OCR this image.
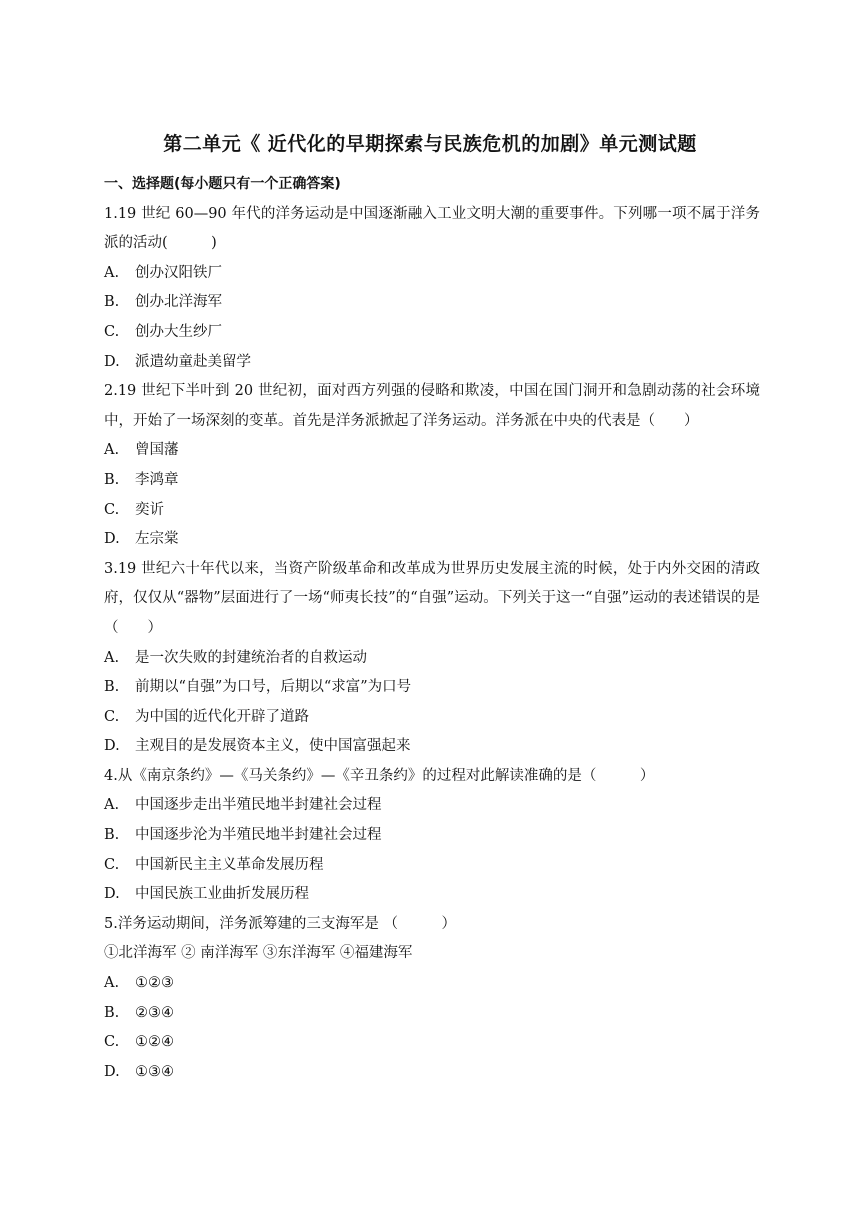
第二单元《 近代化的早期探索与民族危机的加剧》单元测试题

一、选择题(每小题只有一个正确答案)

1.19 世纪 60—90 年代的洋务运动是中国逐渐融入工业文明大潮的重要事件。下列哪一项不属于洋务派的活动(　　　)

A. 创办汉阳铁厂

B. 创办北洋海军

C. 创办大生纱厂

D. 派遣幼童赴美留学

2.19 世纪下半叶到 20 世纪初，面对西方列强的侵略和欺凌，中国在国门洞开和急剧动荡的社会环境中，开始了一场深刻的变革。首先是洋务派掀起了洋务运动。洋务派在中央的代表是（　　）

A. 曾国藩

B. 李鸿章

C. 奕䜣

D. 左宗棠

3.19 世纪六十年代以来，当资产阶级革命和改革成为世界历史发展主流的时候，处于内外交困的清政府，仅仅从“器物”层面进行了一场“师夷长技”的“自强”运动。下列关于这一“自强”运动的表述错误的是（　　）

A. 是一次失败的封建统治者的自救运动

B. 前期以“自强”为口号，后期以“求富”为口号

C. 为中国的近代化开辟了道路

D. 主观目的是发展资本主义，使中国富强起来

4.从《南京条约》—《马关条约》—《辛丑条约》的过程对此解读准确的是（　　　）

A. 中国逐步走出半殖民地半封建社会过程

B. 中国逐步沦为半殖民地半封建社会过程

C. 中国新民主主义革命发展历程

D. 中国民族工业曲折发展历程

5.洋务运动期间，洋务派筹建的三支海军是 （　　　）

①北洋海军 ② 南洋海军 ③东洋海军 ④福建海军

A. ①②③

B. ②③④

C. ①②④

D. ①③④
